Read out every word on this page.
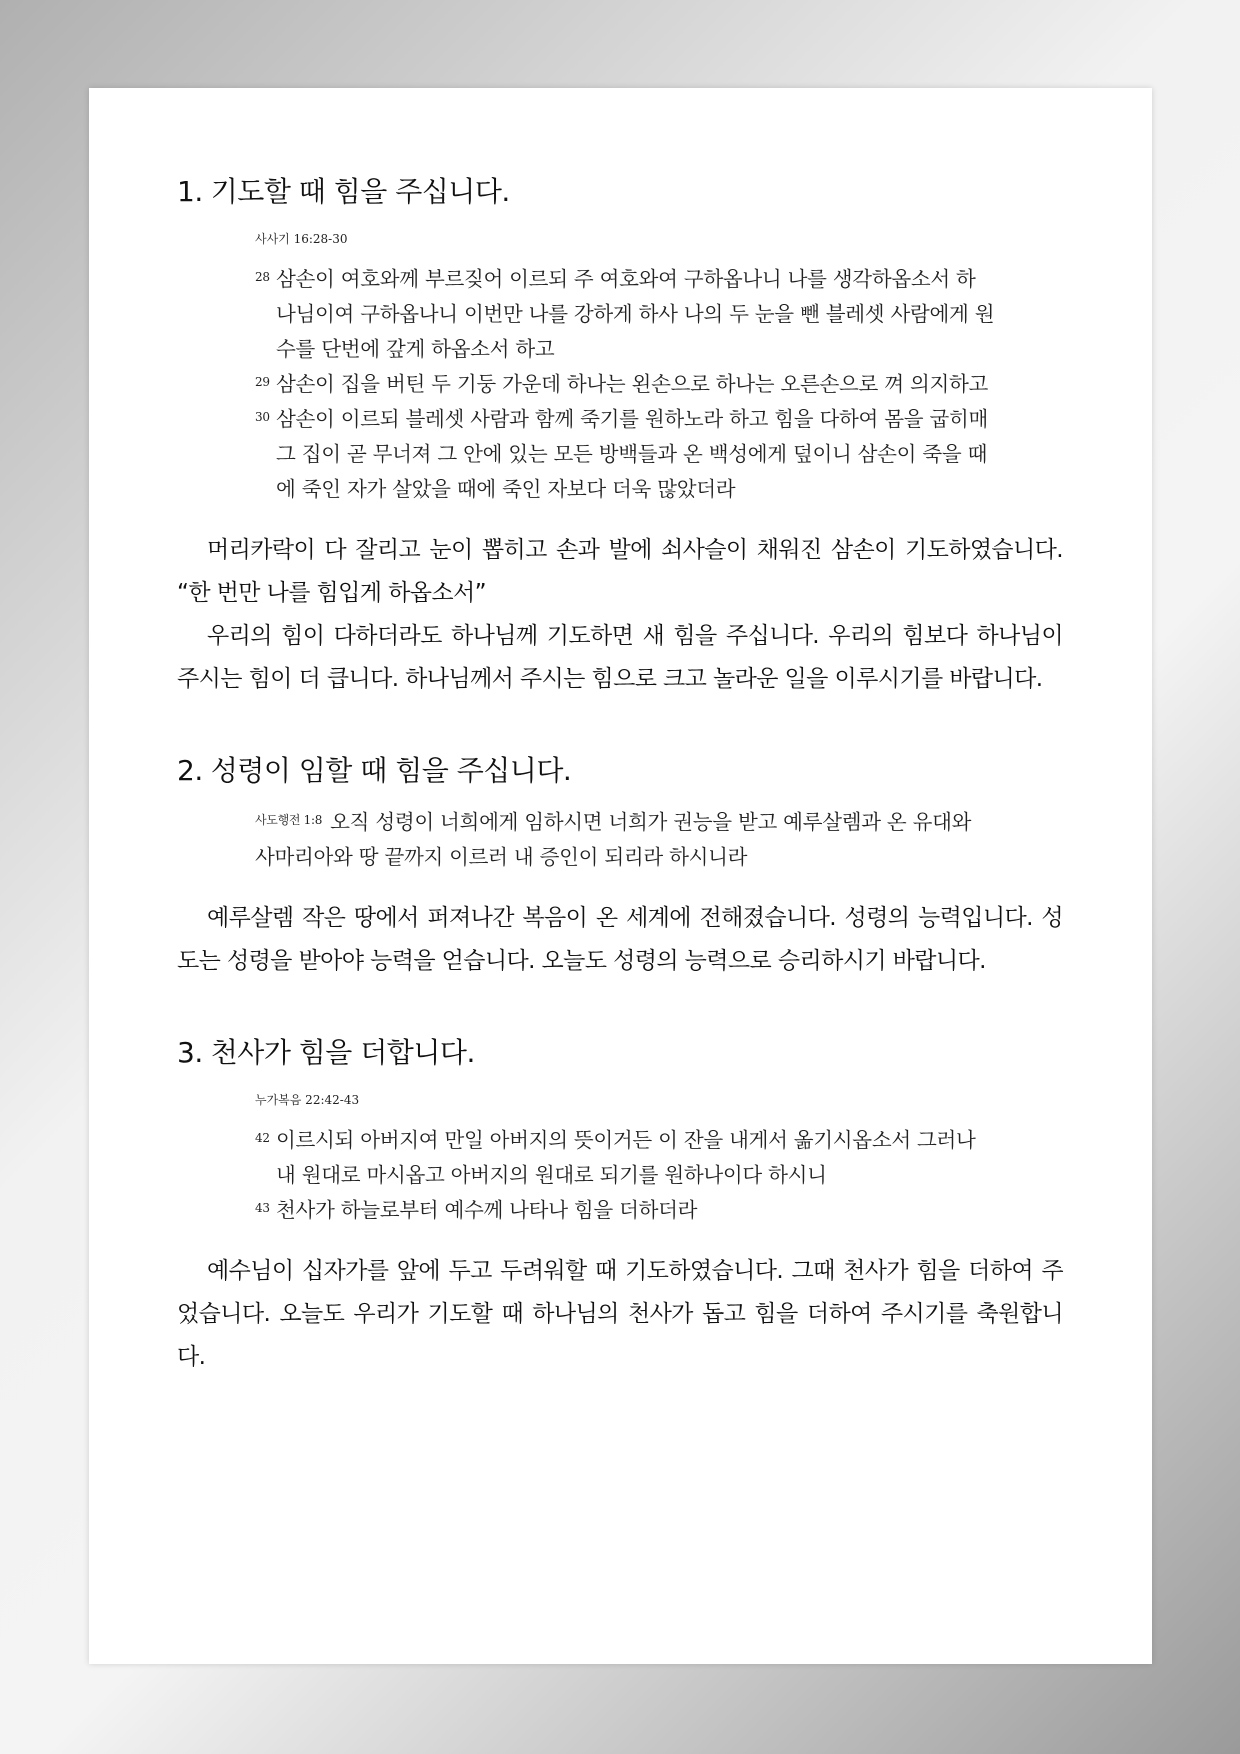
1. 기도할 때 힘을 주십니다.
사사기 16:28-30
$^{28}$ 삼손이 여호와께 부르짖어 이르되 주 여호와여 구하옵나니 나를 생각하옵소서 하나님이여 구하옵나니 이번만 나를 강하게 하사 나의 두 눈을 뺀 블레셋 사람에게 원수를 단번에 갚게 하옵소서 하고
$^{29}$ 삼손이 집을 버틴 두 기둥 가운데 하나는 왼손으로 하나는 오른손으로 껴 의지하고
$^{30}$ 삼손이 이르되 블레셋 사람과 함께 죽기를 원하노라 하고 힘을 다하여 몸을 굽히매 그 집이 곧 무너져 그 안에 있는 모든 방백들과 온 백성에게 덮이니 삼손이 죽을 때에 죽인 자가 살았을 때에 죽인 자보다 더욱 많았더라

머리카락이 다 잘리고 눈이 뽑히고 손과 발에 쇠사슬이 채워진 삼손이 기도하였습니다. “한 번만 나를 힘입게 하옵소서”

우리의 힘이 다하더라도 하나님께 기도하면 새 힘을 주십니다. 우리의 힘보다 하나님이 주시는 힘이 더 큽니다. 하나님께서 주시는 힘으로 크고 놀라운 일을 이루시기를 바랍니다.

2. 성령이 임할 때 힘을 주십니다.
$^{사도행전 1:8}$ 오직 성령이 너희에게 임하시면 너희가 권능을 받고 예루살렘과 온 유대와 사마리아와 땅 끝까지 이르러 내 증인이 되리라 하시니라

예루살렘 작은 땅에서 퍼져나간 복음이 온 세계에 전해졌습니다. 성령의 능력입니다. 성도는 성령을 받아야 능력을 얻습니다. 오늘도 성령의 능력으로 승리하시기 바랍니다.

3. 천사가 힘을 더합니다.
누가복음 22:42-43
$^{42}$ 이르시되 아버지여 만일 아버지의 뜻이거든 이 잔을 내게서 옮기시옵소서 그러나 내 원대로 마시옵고 아버지의 원대로 되기를 원하나이다 하시니
$^{43}$ 천사가 하늘로부터 예수께 나타나 힘을 더하더라

예수님이 십자가를 앞에 두고 두려워할 때 기도하였습니다. 그때 천사가 힘을 더하여 주었습니다. 오늘도 우리가 기도할 때 하나님의 천사가 돕고 힘을 더하여 주시기를 축원합니다.
